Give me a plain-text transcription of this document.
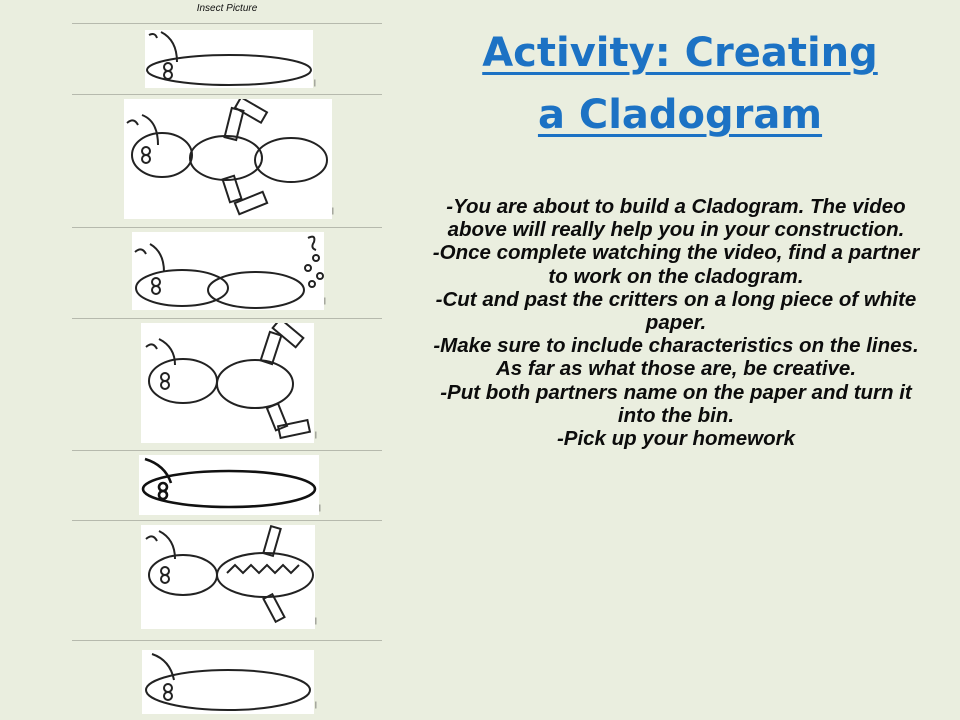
Insect Picture
|
|
|
|
|
|
|
Activity: Creating
a Cladogram

-You are about to build a Cladogram. The video above will really help you in your construction.

-Once complete watching the video, find a partner to work on the cladogram.

-Cut and past the critters on a long piece of white paper.

-Make sure to include characteristics on the lines. As far as what those are, be creative.

-Put both partners name on the paper and turn it into the bin.

-Pick up your homework
